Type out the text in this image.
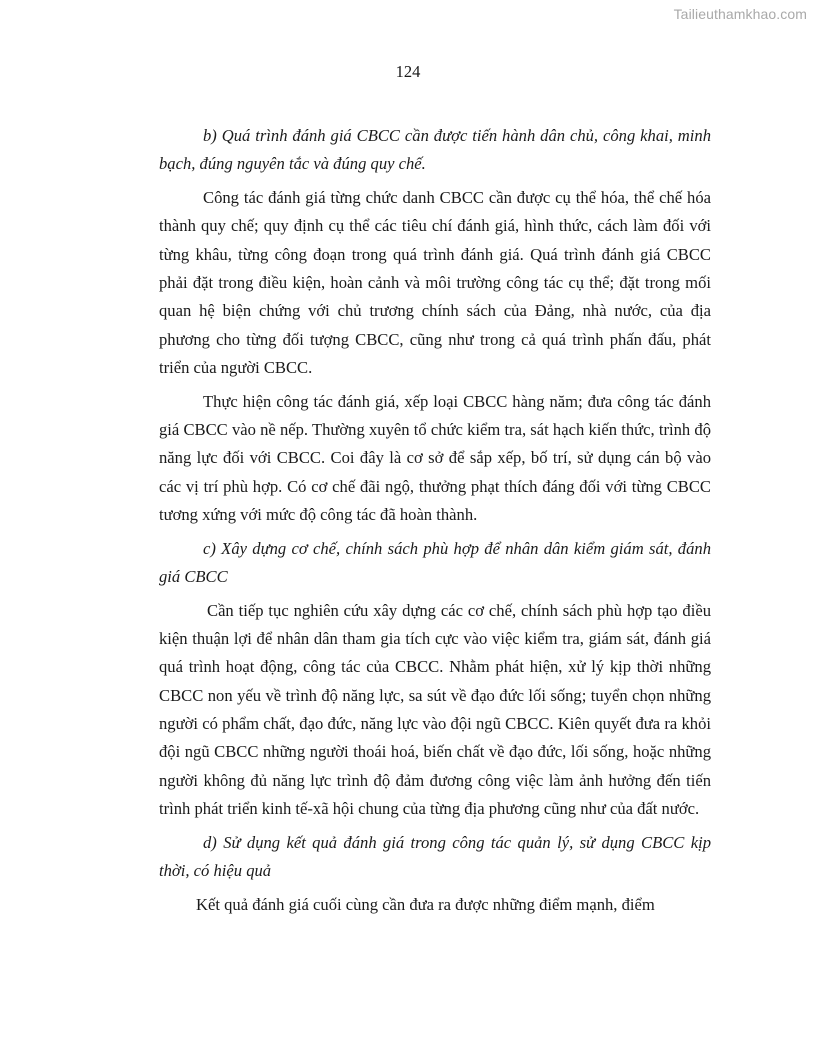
Tailieuthamkhao.com
124

b) Quá trình đánh giá CBCC cần được tiến hành dân chủ, công khai, minh bạch, đúng nguyên tắc và đúng quy chế.

Công tác đánh giá từng chức danh CBCC cần được cụ thể hóa, thể chế hóa thành quy chế; quy định cụ thể các tiêu chí đánh giá, hình thức, cách làm đối với từng khâu, từng công đoạn trong quá trình đánh giá. Quá trình đánh giá CBCC phải đặt trong điều kiện, hoàn cảnh và môi trường công tác cụ thể; đặt trong mối quan hệ biện chứng với chủ trương chính sách của Đảng, nhà nước, của địa phương cho từng đối tượng CBCC, cũng như trong cả quá trình phấn đấu, phát triển của người CBCC.

Thực hiện công tác đánh giá, xếp loại CBCC hàng năm; đưa công tác đánh giá CBCC vào nề nếp. Thường xuyên tổ chức kiểm tra, sát hạch kiến thức, trình độ năng lực đối với CBCC. Coi đây là cơ sở để sắp xếp, bố trí, sử dụng cán bộ vào các vị trí phù hợp. Có cơ chế đãi ngộ, thưởng phạt thích đáng đối với từng CBCC tương xứng với mức độ công tác đã hoàn thành.

c) Xây dựng cơ chế, chính sách phù hợp để nhân dân kiểm giám sát, đánh giá CBCC

Cần tiếp tục nghiên cứu xây dựng các cơ chế, chính sách phù hợp tạo điều kiện thuận lợi để nhân dân tham gia tích cực vào việc kiểm tra, giám sát, đánh giá quá trình hoạt động, công tác của CBCC. Nhằm phát hiện, xử lý kịp thời những CBCC non yếu về trình độ năng lực, sa sút về đạo đức lối sống; tuyển chọn những người có phẩm chất, đạo đức, năng lực vào đội ngũ CBCC. Kiên quyết đưa ra khỏi đội ngũ CBCC những người thoái hoá, biến chất về đạo đức, lối sống, hoặc những người không đủ năng lực trình độ đảm đương công việc làm ảnh hưởng đến tiến trình phát triển kinh tế-xã hội chung của từng địa phương cũng như của đất nước.

d) Sử dụng kết quả đánh giá trong công tác quản lý, sử dụng CBCC kịp thời, có hiệu quả

Kết quả đánh giá cuối cùng cần đưa ra được những điểm mạnh, điểm
